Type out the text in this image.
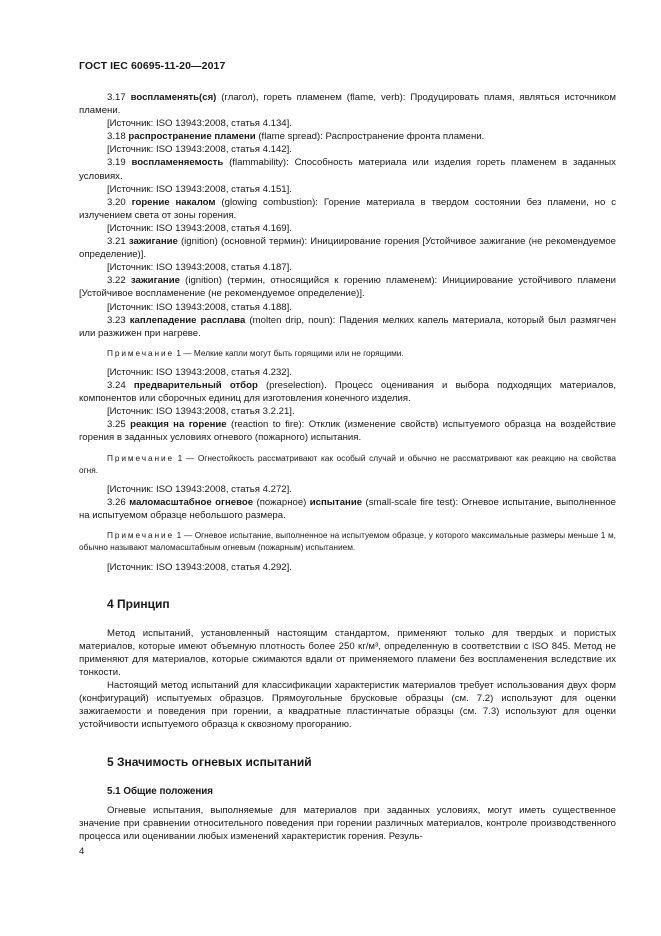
ГОСТ IEC 60695-11-20—2017

3.17 воспламенять(ся) (глагол), гореть пламенем (flame, verb): Продуцировать пламя, являться источником пламени.

[Источник: ISO 13943:2008, статья 4.134].

3.18 распространение пламени (flame spread): Распространение фронта пламени.

[Источник: ISO 13943:2008, статья 4.142].

3.19 воспламеняемость (flammability): Способность материала или изделия гореть пламенем в заданных условиях.

[Источник: ISO 13943:2008, статья 4.151].

3.20 горение накалом (glowing combustion): Горение материала в твердом состоянии без пламени, но с излучением света от зоны горения.

[Источник: ISO 13943:2008, статья 4.169].

3.21 зажигание (ignition) (основной термин): Инициирование горения [Устойчивое зажигание (не рекомендуемое определение)].

[Источник: ISO 13943:2008, статья 4.187].

3.22 зажигание (ignition) (термин, относящийся к горению пламенем): Инициирование устойчивого пламени [Устойчивое воспламенение (не рекомендуемое определение)].

[Источник: ISO 13943:2008, статья 4.188].

3.23 каплепадение расплава (molten drip, noun): Падения мелких капель материала, который был размягчен или разжижен при нагреве.

Примечание 1 — Мелкие капли могут быть горящими или не горящими.

[Источник: ISO 13943:2008, статья 4.232].

3.24 предварительный отбор (preselection). Процесс оценивания и выбора подходящих материалов, компонентов или сборочных единиц для изготовления конечного изделия.

[Источник: ISO 13943:2008, статья 3.2.21].

3.25 реакция на горение (reaction to fire): Отклик (изменение свойств) испытуемого образца на воздействие горения в заданных условиях огневого (пожарного) испытания.

Примечание 1 — Огнестойкость рассматривают как особый случай и обычно не рассматривают как реакцию на свойства огня.

[Источник: ISO 13943:2008, статья 4.272].

3.26 маломасштабное огневое (пожарное) испытание (small-scale fire test): Огневое испытание, выполненное на испытуемом образце небольшого размера.

Примечание 1 — Огневое испытание, выполненное на испытуемом образце, у которого максимальные размеры меньше 1 м, обычно называют маломасштабным огневым (пожарным) испытанием.

[Источник: ISO 13943:2008, статья 4.292].

4 Принцип

Метод испытаний, установленный настоящим стандартом, применяют только для твердых и пористых материалов, которые имеют объемную плотность более 250 кг/м³, определенную в соответствии с ISO 845. Метод не применяют для материалов, которые сжимаются вдали от применяемого пламени без воспламенения вследствие их тонкости.

Настоящий метод испытаний для классификации характеристик материалов требует использования двух форм (конфигураций) испытуемых образцов. Прямоугольные брусковые образцы (см. 7.2) используют для оценки зажигаемости и поведения при горении, а квадратные пластинчатые образцы (см. 7.3) используют для оценки устойчивости испытуемого образца к сквозному прогоранию.

5 Значимость огневых испытаний
5.1 Общие положения

Огневые испытания, выполняемые для материалов при заданных условиях, могут иметь существенное значение при сравнении относительного поведения при горении различных материалов, контроле производственного процесса или оценивании любых изменений характеристик горения. Резуль-

4
